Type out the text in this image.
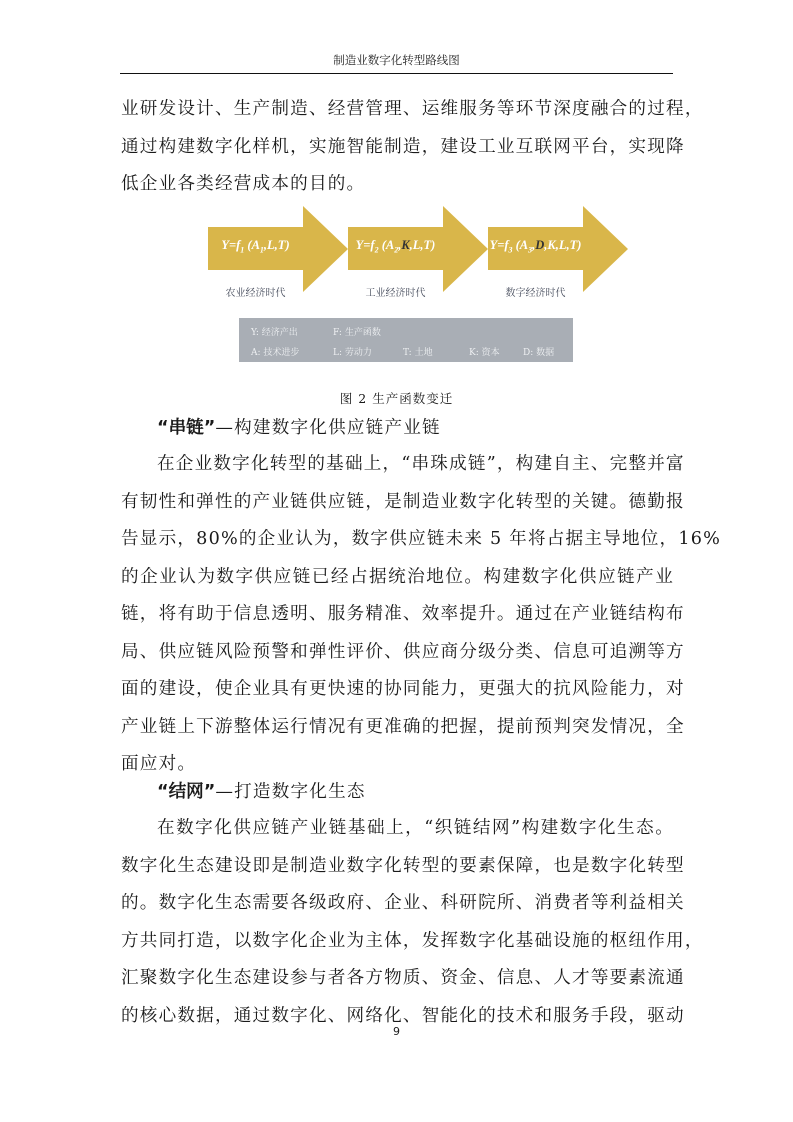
制造业数字化转型路线图
业研发设计、生产制造、经营管理、运维服务等环节深度融合的过程，
通过构建数字化样机，实施智能制造，建设工业互联网平台，实现降
低企业各类经营成本的目的。
$Y=f_1$ $(A_1,L,T)$
农业经济时代
$Y=f_2$ $(A_2,K,L,T)$
工业经济时代
$Y=f_3$ $(A_3,D,K,L,T)$
数字经济时代
Y: 经济产出	F: 生产函数
A: 技术进步	L: 劳动力	T: 土地	K: 资本	D: 数据
图 2 生产函数变迁
“串链”—构建数字化供应链产业链
在企业数字化转型的基础上，“串珠成链”，构建自主、完整并富
有韧性和弹性的产业链供应链，是制造业数字化转型的关键。德勤报
告显示，80%的企业认为，数字供应链未来 5 年将占据主导地位，16%
的企业认为数字供应链已经占据统治地位。构建数字化供应链产业
链，将有助于信息透明、服务精准、效率提升。通过在产业链结构布
局、供应链风险预警和弹性评价、供应商分级分类、信息可追溯等方
面的建设，使企业具有更快速的协同能力，更强大的抗风险能力，对
产业链上下游整体运行情况有更准确的把握，提前预判突发情况，全
面应对。
“结网”—打造数字化生态
在数字化供应链产业链基础上，“织链结网”构建数字化生态。
数字化生态建设即是制造业数字化转型的要素保障，也是数字化转型
的。数字化生态需要各级政府、企业、科研院所、消费者等利益相关
方共同打造，以数字化企业为主体，发挥数字化基础设施的枢纽作用，
汇聚数字化生态建设参与者各方物质、资金、信息、人才等要素流通
的核心数据，通过数字化、网络化、智能化的技术和服务手段，驱动
9
